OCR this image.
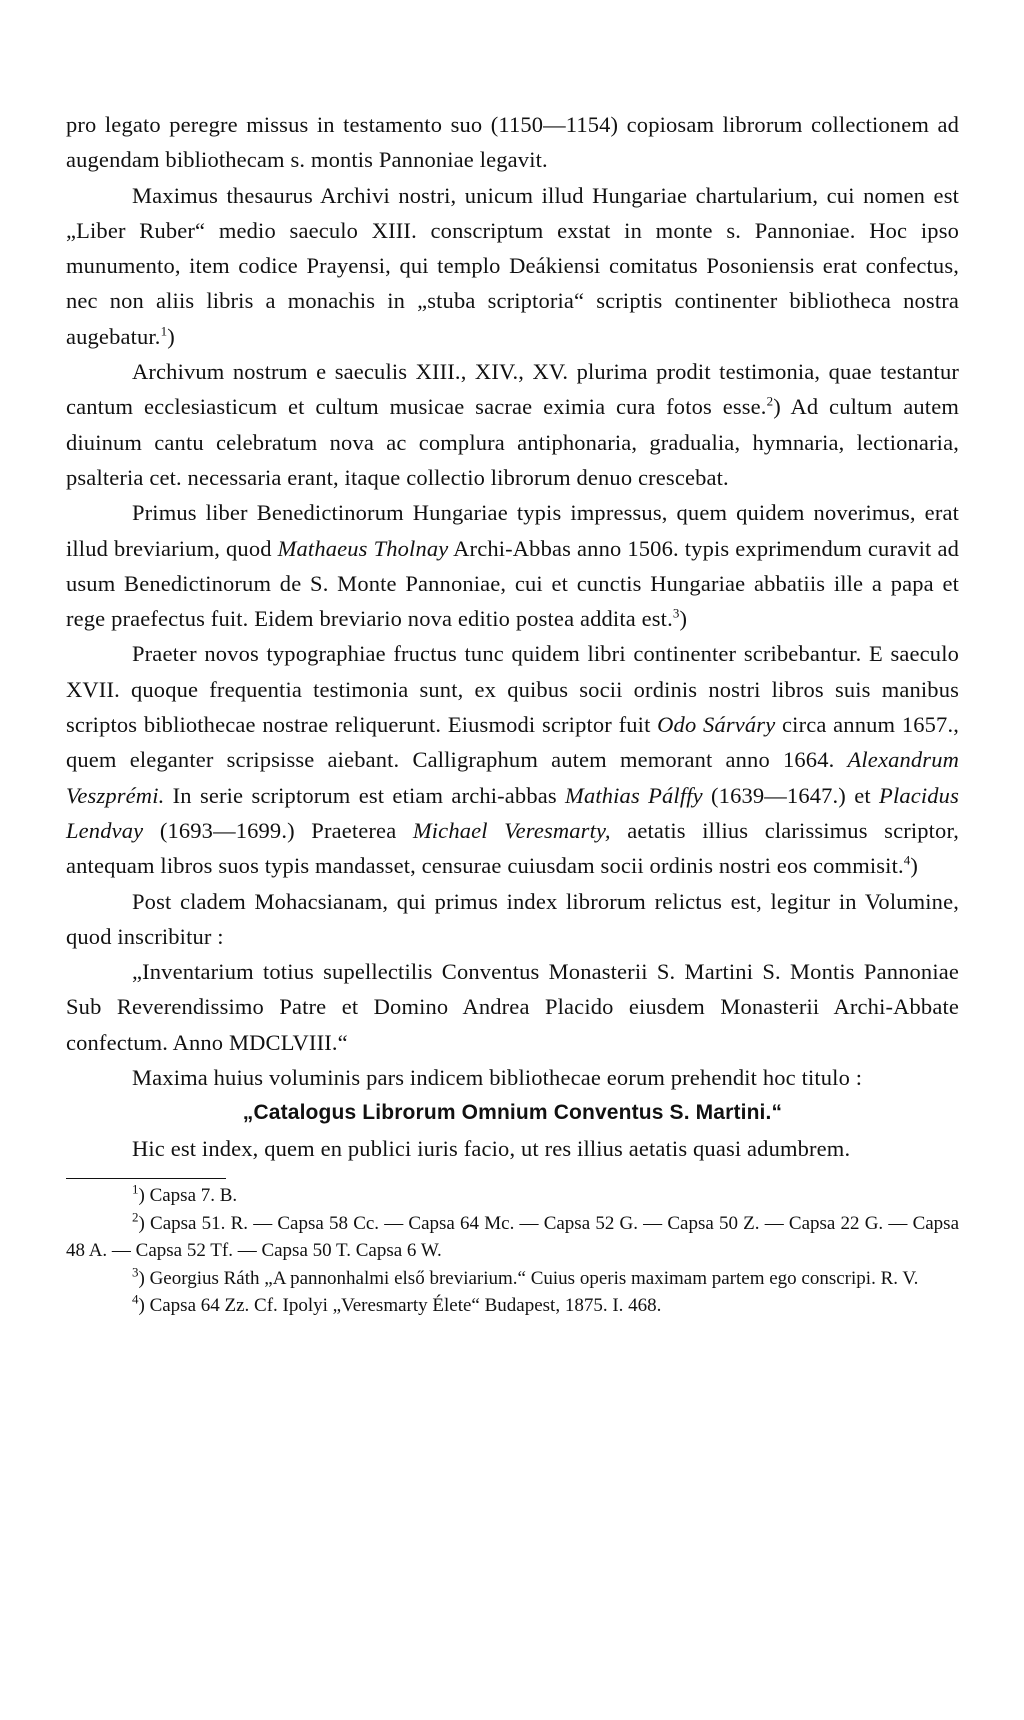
pro legato peregre missus in testamento suo (1150—1154) copiosam librorum collectionem ad augendam bibliothecam s. montis Pannoniae legavit.

Maximus thesaurus Archivi nostri, unicum illud Hungariae chartularium, cui nomen est „Liber Ruber“ medio saeculo XIII. conscriptum exstat in monte s. Pannoniae. Hoc ipso munumento, item codice Prayensi, qui templo Deákiensi comitatus Posoniensis erat confectus, nec non aliis libris a monachis in „stuba scriptoria“ scriptis continenter bibliotheca nostra augebatur.$^1$)

Archivum nostrum e saeculis XIII., XIV., XV. plurima prodit testimonia, quae testantur cantum ecclesiasticum et cultum musicae sacrae eximia cura fotos esse.$^2$) Ad cultum autem diuinum cantu celebratum nova ac complura antiphonaria, gradualia, hymnaria, lectionaria, psalteria cet. necessaria erant, itaque collectio librorum denuo crescebat.

Primus liber Benedictinorum Hungariae typis impressus, quem quidem noverimus, erat illud breviarium, quod Mathaeus Tholnay Archi-Abbas anno 1506. typis exprimendum curavit ad usum Benedictinorum de S. Monte Pannoniae, cui et cunctis Hungariae abbatiis ille a papa et rege praefectus fuit. Eidem breviario nova editio postea addita est.$^3$)

Praeter novos typographiae fructus tunc quidem libri continenter scribebantur. E saeculo XVII. quoque frequentia testimonia sunt, ex quibus socii ordinis nostri libros suis manibus scriptos bibliothecae nostrae reliquerunt. Eiusmodi scriptor fuit Odo Sárváry circa annum 1657., quem eleganter scripsisse aiebant. Calligraphum autem memorant anno 1664. Alexandrum Veszprémi. In serie scriptorum est etiam archi-abbas Mathias Pálffy (1639—1647.) et Placidus Lendvay (1693—1699.) Praeterea Michael Veresmarty, aetatis illius clarissimus scriptor, antequam libros suos typis mandasset, censurae cuiusdam socii ordinis nostri eos commisit.$^4$)

Post cladem Mohacsianam, qui primus index librorum relictus est, legitur in Volumine, quod inscribitur :

„Inventarium totius supellectilis Conventus Monasterii S. Martini S. Montis Pannoniae Sub Reverendissimo Patre et Domino Andrea Placido eiusdem Monasterii Archi-Abbate confectum. Anno MDCLVIII.“

Maxima huius voluminis pars indicem bibliothecae eorum prehendit hoc titulo :

„Catalogus Librorum Omnium Conventus S. Martini.“

Hic est index, quem en publici iuris facio, ut res illius aetatis quasi adumbrem.

$^1$) Capsa 7. B.

$^2$) Capsa 51. R. — Capsa 58 Cc. — Capsa 64 Mc. — Capsa 52 G. — Capsa 50 Z. — Capsa 22 G. — Capsa 48 A. — Capsa 52 Tf. — Capsa 50 T. Capsa 6 W.

$^3$) Georgius Ráth „A pannonhalmi első breviarium.“ Cuius operis maximam partem ego conscripi. R. V.

$^4$) Capsa 64 Zz. Cf. Ipolyi „Veresmarty Élete“ Budapest, 1875. I. 468.
